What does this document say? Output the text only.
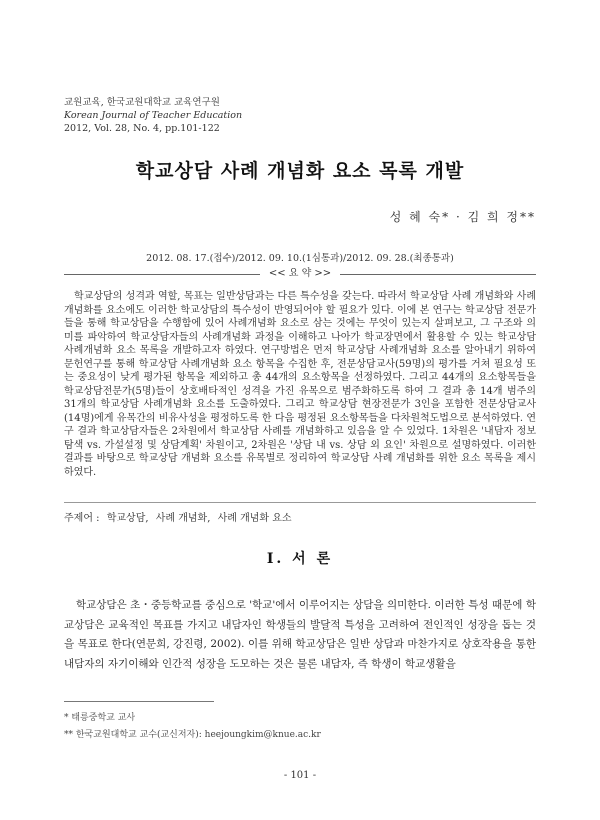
교원교육, 한국교원대학교 교육연구원
Korean Journal of Teacher Education
2012, Vol. 28, No. 4, pp.101-122
학교상담 사례 개념화 요소 목록 개발
성 혜 숙* · 김 희 정**
2012. 08. 17.(접수)/2012. 09. 10.(1심통과)/2012. 09. 28.(최종통과)
<< 요 약 >>

학교상담의 성격과 역할, 목표는 일반상담과는 다른 특수성을 갖는다. 따라서 학교상담 사례 개념화와 사례 개념화를 요소에도 이러한 학교상담의 특수성이 반영되어야 할 필요가 있다. 이에 본 연구는 학교상담 전문가들을 통해 학교상담을 수행함에 있어 사례개념화 요소로 삼는 것에는 무엇이 있는지 살펴보고, 그 구조와 의미를 파악하여 학교상담자들의 사례개념화 과정을 이해하고 나아가 학교장면에서 활용할 수 있는 학교상담 사례개념화 요소 목록을 개발하고자 하였다. 연구방법은 먼저 학교상담 사례개념화 요소를 알아내기 위하여 문헌연구를 통해 학교상담 사례개념화 요소 항목을 수집한 후, 전문상담교사(59명)의 평가를 거쳐 필요성 또는 중요성이 낮게 평가된 항목을 제외하고 총 44개의 요소항목을 선정하였다. 그리고 44개의 요소항목들을 학교상담전문가(5명)들이 상호배타적인 성격을 가진 유목으로 범주화하도록 하여 그 결과 총 14개 범주의 31개의 학교상담 사례개념화 요소를 도출하였다. 그리고 학교상담 현장전문가 3인을 포함한 전문상담교사(14명)에게 유목간의 비유사성을 평정하도록 한 다음 평정된 요소항목들을 다차원척도법으로 분석하였다. 연구 결과 학교상담자들은 2차원에서 학교상담 사례를 개념화하고 있음을 알 수 있었다. 1차원은 '내담자 정보탐색 vs. 가설설정 및 상담계획' 차원이고, 2차원은 '상담 내 vs. 상담 외 요인' 차원으로 설명하였다. 이러한 결과를 바탕으로 학교상담 개념화 요소를 유목별로 정리하여 학교상담 사례 개념화를 위한 요소 목록을 제시하였다.

주제어 : 학교상담, 사례 개념화, 사례 개념화 요소
I. 서 론

학교상담은 초・중등학교를 중심으로 '학교'에서 이루어지는 상담을 의미한다. 이러한 특성 때문에 학교상담은 교육적인 목표를 가지고 내담자인 학생들의 발달적 특성을 고려하여 전인적인 성장을 돕는 것을 목표로 한다(연문희, 강진령, 2002). 이를 위해 학교상담은 일반 상담과 마찬가지로 상호작용을 통한 내담자의 자기이해와 인간적 성장을 도모하는 것은 물론 내담자, 즉 학생이 학교생활을

* 태릉중학교 교사
** 한국교원대학교 교수(교신저자): heejoungkim@knue.ac.kr
- 101 -
